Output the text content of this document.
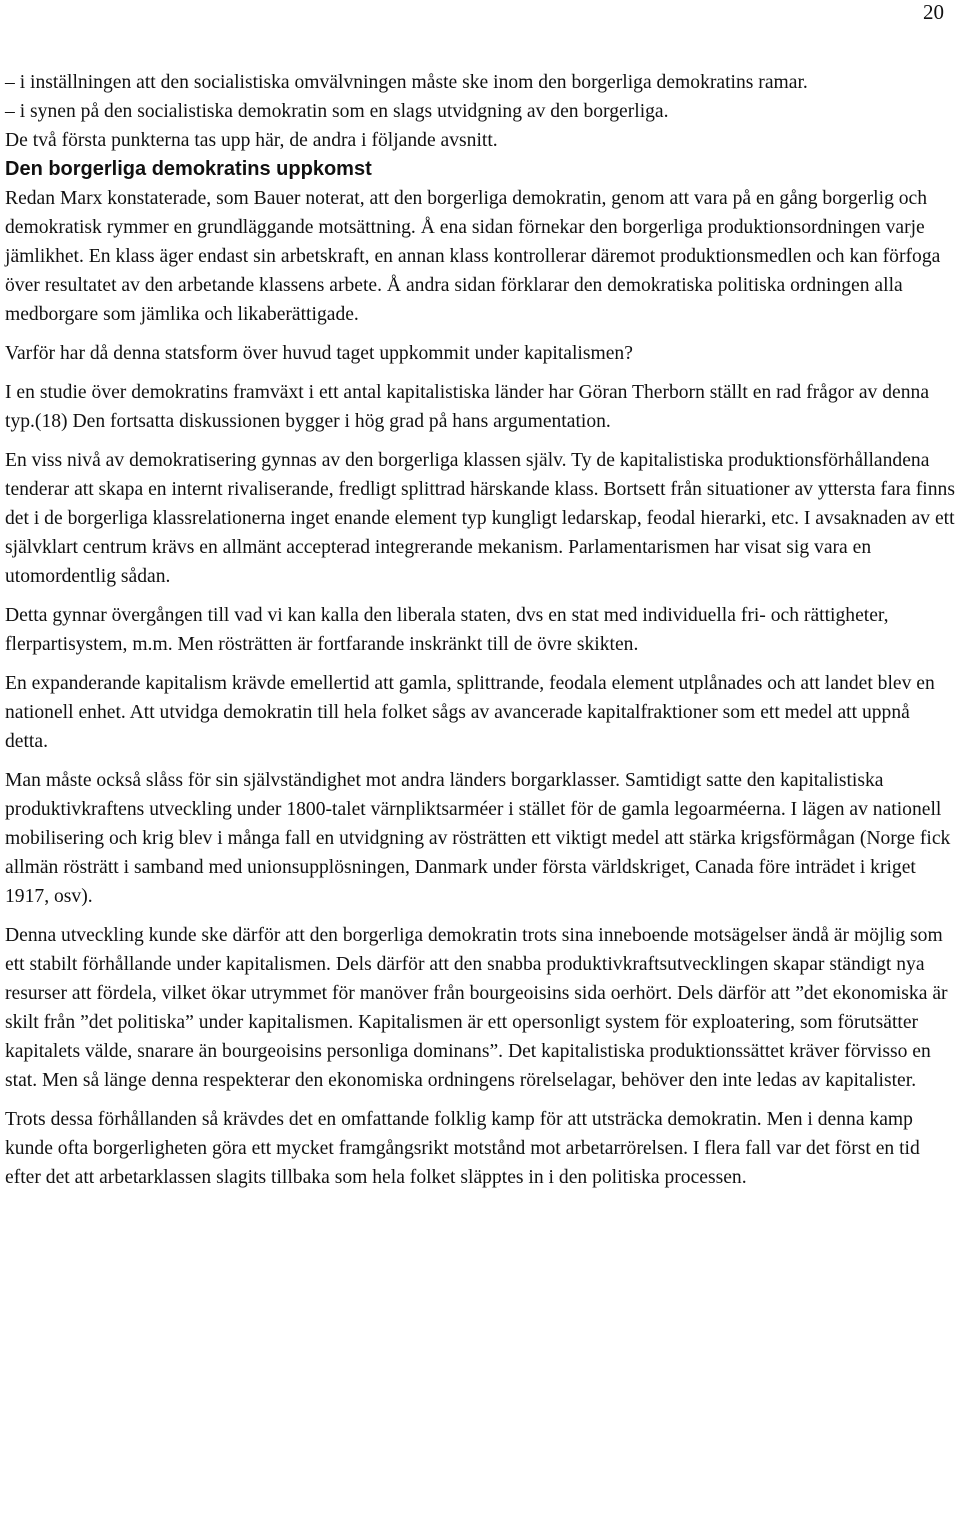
20

– i inställningen att den socialistiska omvälvningen måste ske inom den borgerliga demokratins ramar.

– i synen på den socialistiska demokratin som en slags utvidgning av den borgerliga.

De två första punkterna tas upp här, de andra i följande avsnitt.

Den borgerliga demokratins uppkomst

Redan Marx konstaterade, som Bauer noterat, att den borgerliga demokratin, genom att vara på en gång borgerlig och demokratisk rymmer en grundläggande motsättning. Å ena sidan förnekar den borgerliga produktionsordningen varje jämlikhet. En klass äger endast sin arbetskraft, en annan klass kontrollerar däremot produktionsmedlen och kan förfoga över resultatet av den arbetande klassens arbete. Å andra sidan förklarar den demokratiska politiska ordningen alla medborgare som jämlika och likaberättigade.

Varför har då denna statsform över huvud taget uppkommit under kapitalismen?

I en studie över demokratins framväxt i ett antal kapitalistiska länder har Göran Therborn ställt en rad frågor av denna typ.(18) Den fortsatta diskussionen bygger i hög grad på hans argumentation.

En viss nivå av demokratisering gynnas av den borgerliga klassen själv. Ty de kapitalistiska produktionsförhållandena tenderar att skapa en internt rivaliserande, fredligt splittrad härskande klass. Bortsett från situationer av yttersta fara finns det i de borgerliga klassrelationerna inget enande element typ kungligt ledarskap, feodal hierarki, etc. I avsaknaden av ett självklart centrum krävs en allmänt accepterad integrerande mekanism. Parlamentarismen har visat sig vara en utomordentlig sådan.

Detta gynnar övergången till vad vi kan kalla den liberala staten, dvs en stat med individuella fri- och rättigheter, flerpartisystem, m.m. Men rösträtten är fortfarande inskränkt till de övre skikten.

En expanderande kapitalism krävde emellertid att gamla, splittrande, feodala element utplånades och att landet blev en nationell enhet. Att utvidga demokratin till hela folket sågs av avancerade kapitalfraktioner som ett medel att uppnå detta.

Man måste också slåss för sin självständighet mot andra länders borgarklasser. Samtidigt satte den kapitalistiska produktivkraftens utveckling under 1800-talet värnpliktsarméer i stället för de gamla legoarméerna. I lägen av nationell mobilisering och krig blev i många fall en utvidgning av rösträtten ett viktigt medel att stärka krigsförmågan (Norge fick allmän rösträtt i samband med unionsupplösningen, Danmark under första världskriget, Canada före inträdet i kriget 1917, osv).

Denna utveckling kunde ske därför att den borgerliga demokratin trots sina inneboende motsägelser ändå är möjlig som ett stabilt förhållande under kapitalismen. Dels därför att den snabba produktivkraftsutvecklingen skapar ständigt nya resurser att fördela, vilket ökar utrymmet för manöver från bourgeoisins sida oerhört. Dels därför att ”det ekonomiska är skilt från ”det politiska” under kapitalismen. Kapitalismen är ett opersonligt system för exploatering, som förutsätter kapitalets välde, snarare än bourgeoisins personliga dominans”. Det kapitalistiska produktionssättet kräver förvisso en stat. Men så länge denna respekterar den ekonomiska ordningens rörelselagar, behöver den inte ledas av kapitalister.

Trots dessa förhållanden så krävdes det en omfattande folklig kamp för att utsträcka demokratin. Men i denna kamp kunde ofta borgerligheten göra ett mycket framgångsrikt motstånd mot arbetarrörelsen. I flera fall var det först en tid efter det att arbetarklassen slagits tillbaka som hela folket släpptes in i den politiska processen.
